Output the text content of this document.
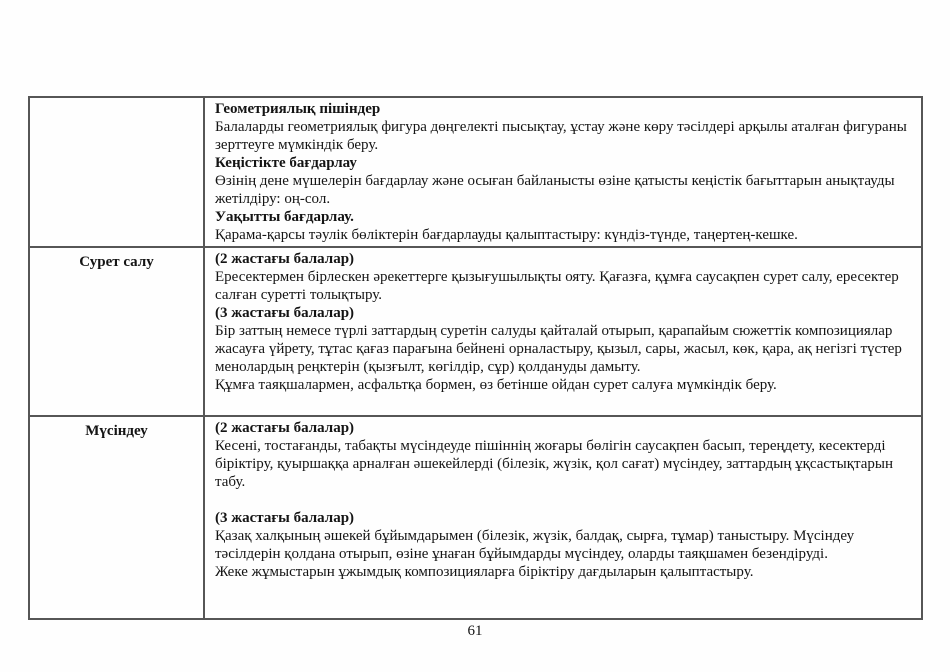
Геометриялық пішіндер

Балаларды геометриялық фигура дөңгелекті пысықтау, ұстау және көру тәсілдері арқылы аталған фигураны зерттеуге мүмкіндік беру.

Кеңістікте бағдарлау

Өзінің дене мүшелерін бағдарлау және осыған байланысты өзіне қатысты кеңістік бағыттарын анықтауды жетілдіру: оң-сол.

Уақытты бағдарлау.

Қарама-қарсы тәулік бөліктерін бағдарлауды қалыптастыру: күндіз-түнде, таңертең-кешке.

Сурет салу	(2 жастағы балалар)

Ересектермен бірлескен әрекеттерге қызығушылықты ояту. Қағазға, құмға саусақпен сурет салу, ересектер салған суретті толықтыру.

(3 жастағы балалар)

Бір заттың немесе түрлі заттардың суретін салуды қайталай отырып, қарапайым сюжеттік композициялар жасауға үйрету, тұтас қағаз парағына бейнені орналастыру, қызыл, сары, жасыл, көк, қара, ақ негізгі түстер менолардың реңктерін (қызғылт, көгілдір, сұр) қолдануды дамыту.

Құмға таяқшалармен, асфальтқа бормен, өз бетінше ойдан сурет салуға мүмкіндік беру.

Мүсіндеу	(2 жастағы балалар)

Кесені, тостағанды, табақты мүсіндеуде пішіннің жоғары бөлігін саусақпен басып, тереңдету, кесектерді біріктіру, қуыршаққа арналған әшекейлерді (білезік, жүзік, қол сағат) мүсіндеу, заттардың ұқсастықтарын табу.

(3 жастағы балалар)

Қазақ халқының әшекей бұйымдарымен (білезік, жүзік, балдақ, сырға, тұмар) таныстыру. Мүсіндеу тәсілдерін қолдана отырып, өзіне ұнаған бұйымдарды мүсіндеу, оларды таяқшамен безендіруді.

Жеке жұмыстарын ұжымдық композицияларға біріктіру дағдыларын қалыптастыру.

61
